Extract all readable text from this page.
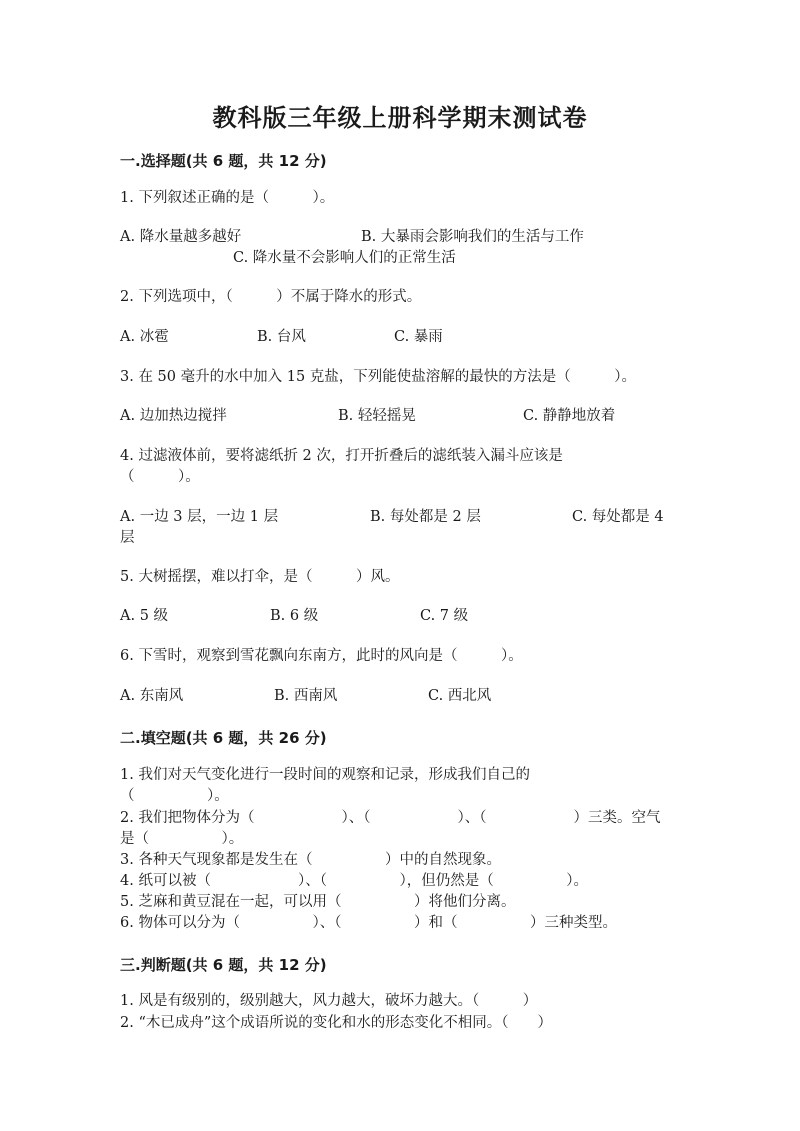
教科版三年级上册科学期末测试卷
一.选择题(共 6 题，共 12 分)
1. 下列叙述正确的是（　　　）。
A. 降水量越多越好	B. 大暴雨会影响我们的生活与工作
C. 降水量不会影响人们的正常生活
2. 下列选项中，（　　　）不属于降水的形式。
A. 冰雹	B. 台风	C. 暴雨
3. 在 50 毫升的水中加入 15 克盐，下列能使盐溶解的最快的方法是（　　　）。
A. 边加热边搅拌	B. 轻轻摇晃	C. 静静地放着
4. 过滤液体前，要将滤纸折 2 次，打开折叠后的滤纸装入漏斗应该是
（　　　）。
A. 一边 3 层，一边 1 层	B. 每处都是 2 层	C. 每处都是 4
层
5. 大树摇摆，难以打伞，是（　　　）风。
A. 5 级	B. 6 级	C. 7 级
6. 下雪时，观察到雪花飘向东南方，此时的风向是（　　　）。
A. 东南风	B. 西南风	C. 西北风
二.填空题(共 6 题，共 26 分)
1. 我们对天气变化进行一段时间的观察和记录，形成我们自己的
（　　　　　）。
2. 我们把物体分为（　　　　　　）、（　　　　　　）、（　　　　　　）三类。空气
是（　　　　　）。
3. 各种天气现象都是发生在（　　　　　）中的自然现象。
4. 纸可以被（　　　　　　）、（　　　　　），但仍然是（　　　　　）。
5. 芝麻和黄豆混在一起，可以用（　　　　　）将他们分离。
6. 物体可以分为（　　　　　）、（　　　　　）和（　　　　　）三种类型。
三.判断题(共 6 题，共 12 分)
1. 风是有级别的，级别越大，风力越大，破坏力越大。（　　　）
2. “木已成舟”这个成语所说的变化和水的形态变化不相同。（　　）
